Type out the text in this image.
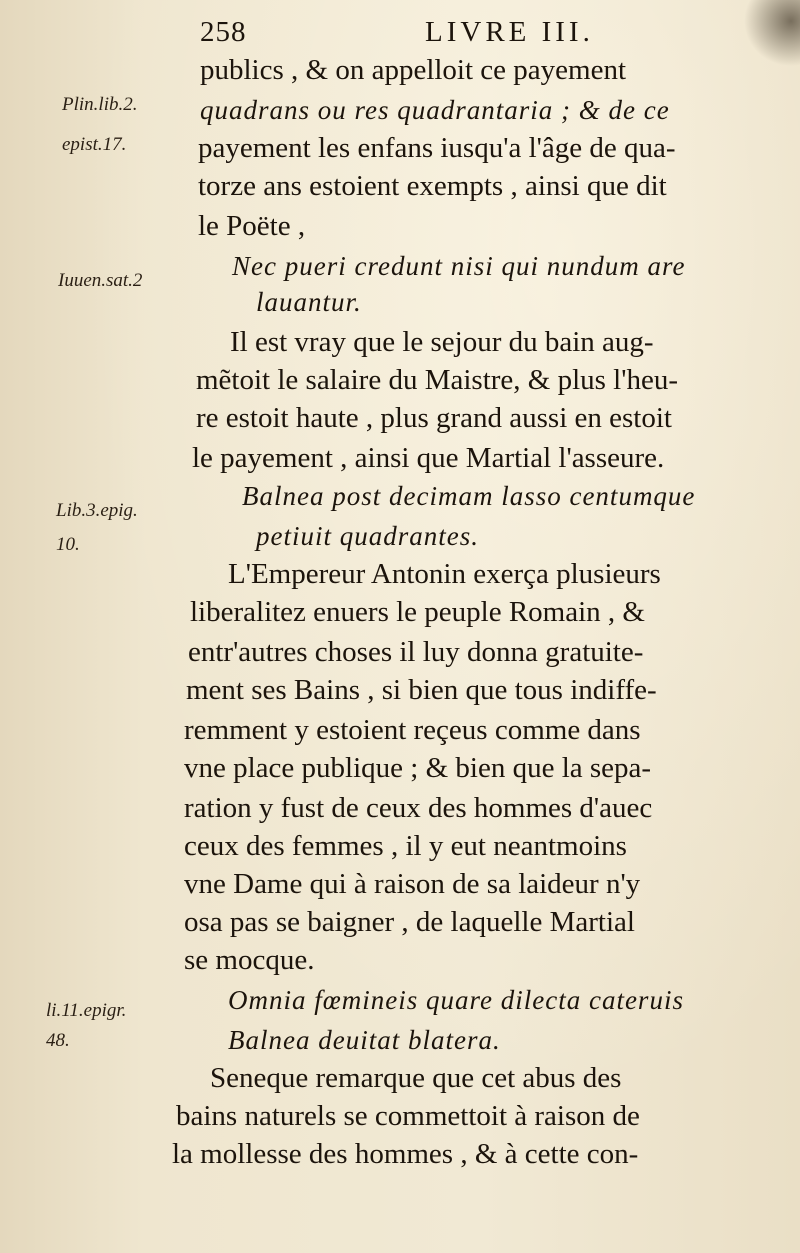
258	LIVRE III.
Plin.lib.2.
epist.17.
Iuuen.sat.2
Lib.3.epig.
10.
li.11.epigr.
48.
publics , & on appelloit ce payement
quadrans ou res quadrantaria ; & de ce
payement les enfans iusqu'a l'âge de qua-
torze ans estoient exempts , ainsi que dit
le Poëte ,
Nec pueri credunt nisi qui nundum are
lauantur.
Il est vray que le sejour du bain aug-
mẽtoit le salaire du Maistre, & plus l'heu-
re estoit haute , plus grand aussi en estoit
le payement , ainsi que Martial l'asseure.
Balnea post decimam lasso centumque
petiuit quadrantes.
L'Empereur Antonin exerça plusieurs
liberalitez enuers le peuple Romain , &
entr'autres choses il luy donna gratuite-
ment ses Bains , si bien que tous indiffe-
remment y estoient reçeus comme dans
vne place publique ; & bien que la sepa-
ration y fust de ceux des hommes d'auec
ceux des femmes , il y eut neantmoins
vne Dame qui à raison de sa laideur n'y
osa pas se baigner , de laquelle Martial
se mocque.
Omnia fœmineis quare dilecta cateruis
Balnea deuitat blatera.
Seneque remarque que cet abus des
bains naturels se commettoit à raison de
la mollesse des hommes , & à cette con-
